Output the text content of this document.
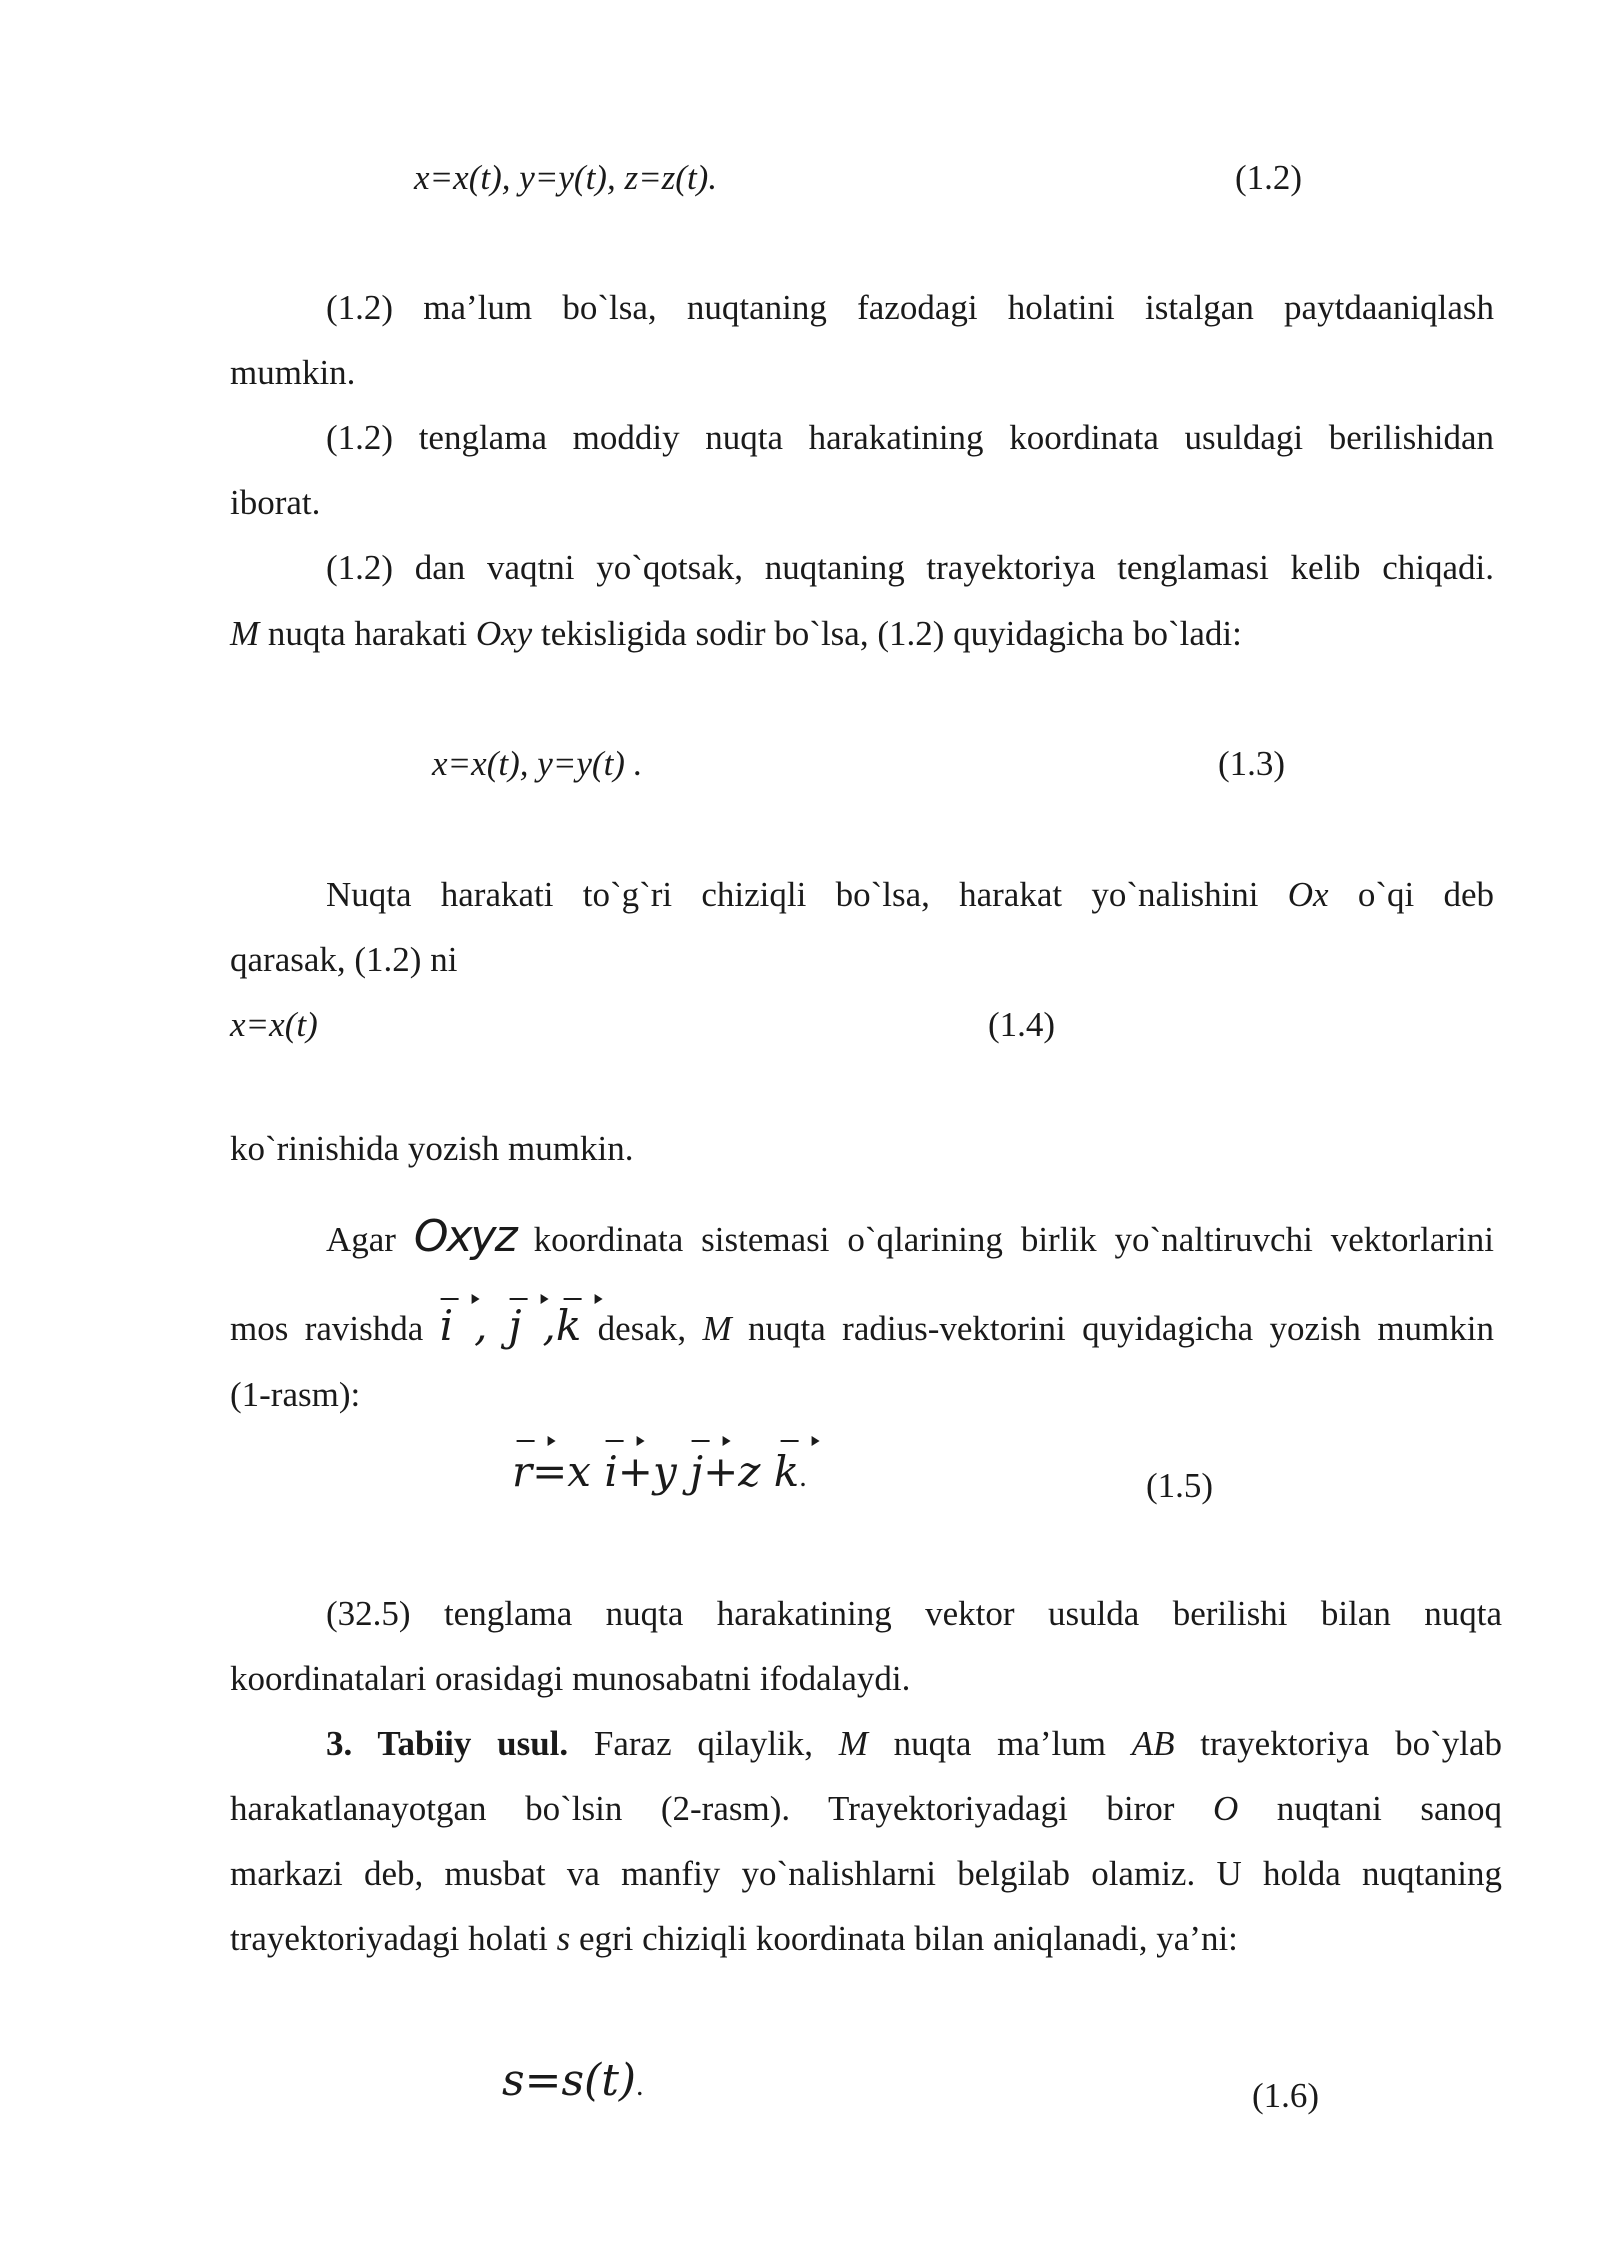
x=x(t), y=y(t), z=z(t).	(1.2)
(1.2) ma’lum bo`lsa, nuqtaning fazodagi holatini istalgan paytdaaniqlash
mumkin.
(1.2) tenglama moddiy nuqta harakatining koordinata usuldagi berilishidan
iborat.
(1.2) dan vaqtni yo`qotsak, nuqtaning trayektoriya tenglamasi kelib chiqadi.
M nuqta harakati Oxy tekisligida sodir bo`lsa, (1.2) quyidagicha bo`ladi:
x=x(t), y=y(t) .	(1.3)
Nuqta harakati to`g`ri chiziqli bo`lsa, harakat yo`nalishini Ox o`qi deb
qarasak, (1.2) ni
x=x(t)	(1.4)
ko`rinishida yozish mumkin.
Agar Oxyz koordinata sistemasi o`qlarining birlik yo`naltiruvchi vektorlarini
mos ravishda i , j ,k desak, M nuqta radius-vektorini quyidagicha yozish mumkin
(1-rasm):
r=x i+y j+z k.	(1.5)
(32.5) tenglama nuqta harakatining vektor usulda berilishi bilan nuqta
koordinatalari orasidagi munosabatni ifodalaydi.
3. Tabiiy usul. Faraz qilaylik, M nuqta ma’lum AB trayektoriya bo`ylab
harakatlanayotgan bo`lsin (2-rasm). Trayektoriyadagi biror O nuqtani sanoq
markazi deb, musbat va manfiy yo`nalishlarni belgilab olamiz. U holda nuqtaning
trayektoriyadagi holati s egri chiziqli koordinata bilan aniqlanadi, ya’ni:
s=s(t).	(1.6)
